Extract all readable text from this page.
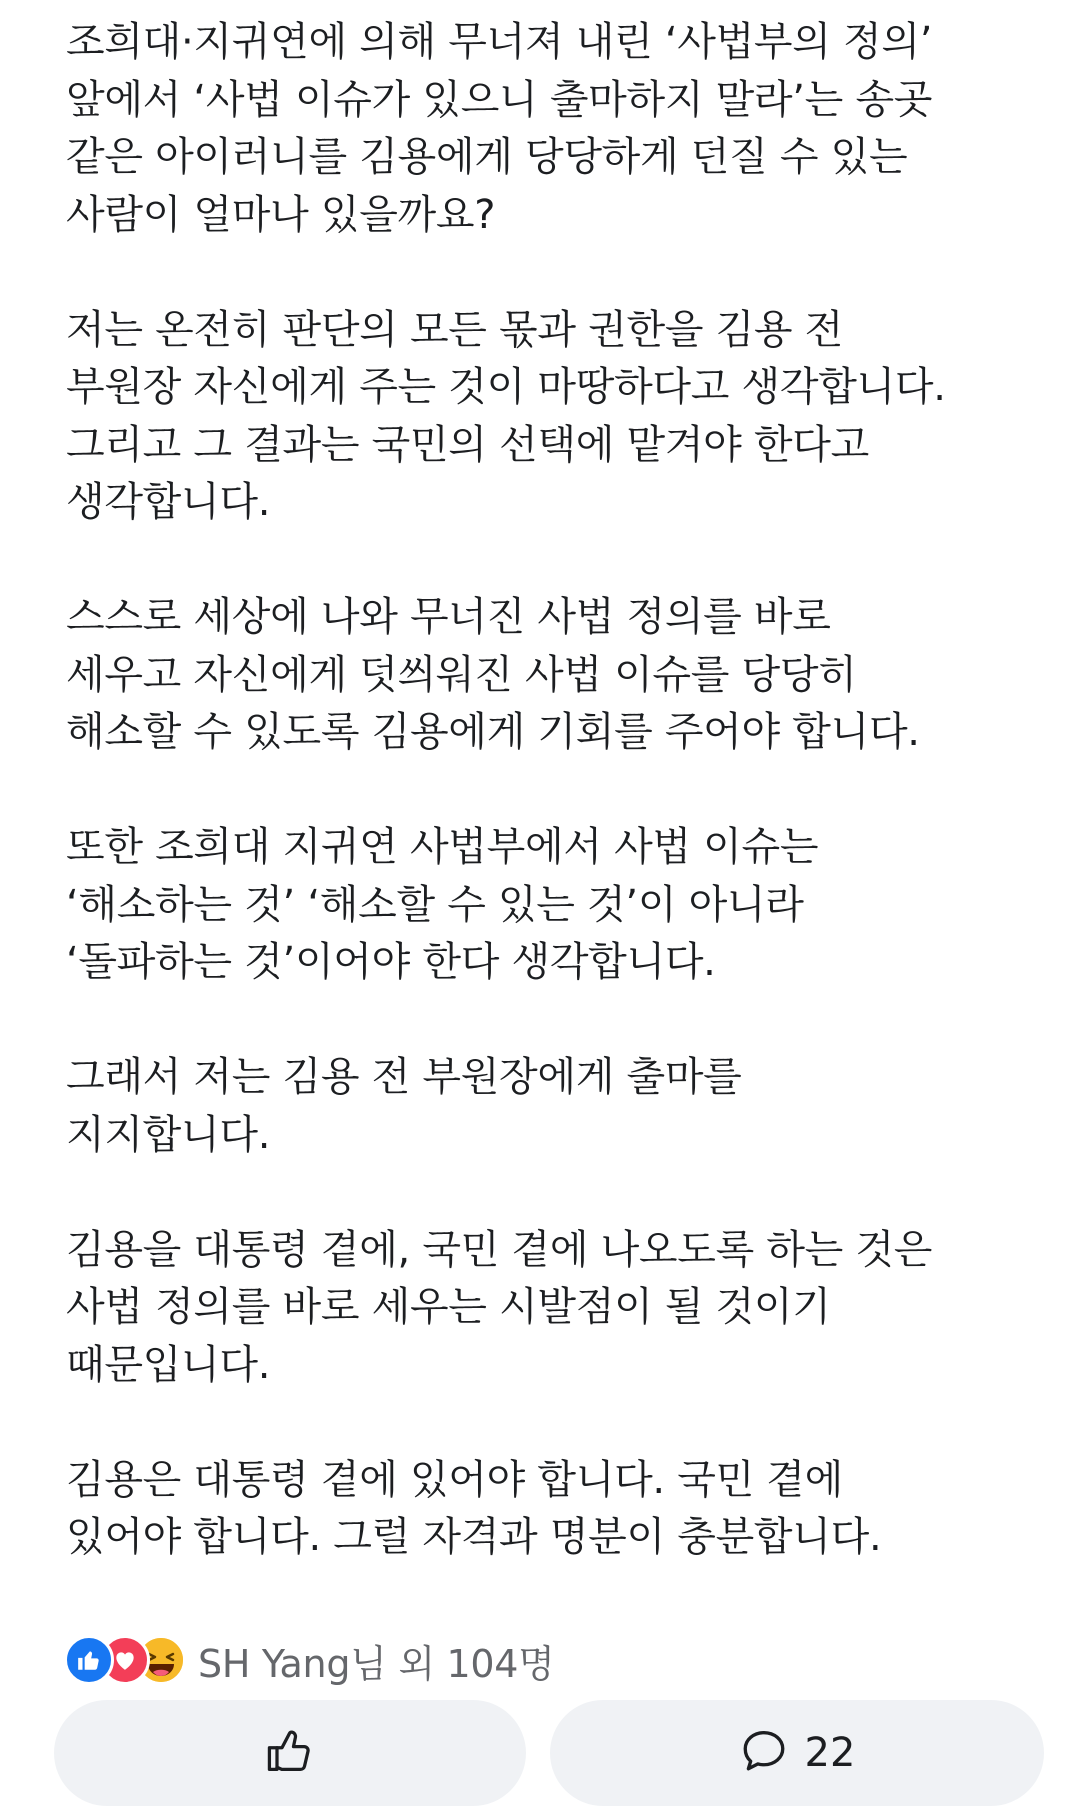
조희대·지귀연에 의해 무너져 내린 ‘사법부의 정의’
앞에서 ‘사법 이슈가 있으니 출마하지 말라’는 송곳
같은 아이러니를 김용에게 당당하게 던질 수 있는
사람이 얼마나 있을까요?
저는 온전히 판단의 모든 몫과 권한을 김용 전
부원장 자신에게 주는 것이 마땅하다고 생각합니다.
그리고 그 결과는 국민의 선택에 맡겨야 한다고
생각합니다.
스스로 세상에 나와 무너진 사법 정의를 바로
세우고 자신에게 덧씌워진 사법 이슈를 당당히
해소할 수 있도록 김용에게 기회를 주어야 합니다.
또한 조희대 지귀연 사법부에서 사법 이슈는
‘해소하는 것’ ‘해소할 수 있는 것’이 아니라
‘돌파하는 것’이어야 한다 생각합니다.
그래서 저는 김용 전 부원장에게 출마를
지지합니다.
김용을 대통령 곁에, 국민 곁에 나오도록 하는 것은
사법 정의를 바로 세우는 시발점이 될 것이기
때문입니다.
김용은 대통령 곁에 있어야 합니다. 국민 곁에
있어야 합니다. 그럴 자격과 명분이 충분합니다.
SH Yang님 외 104명
22
